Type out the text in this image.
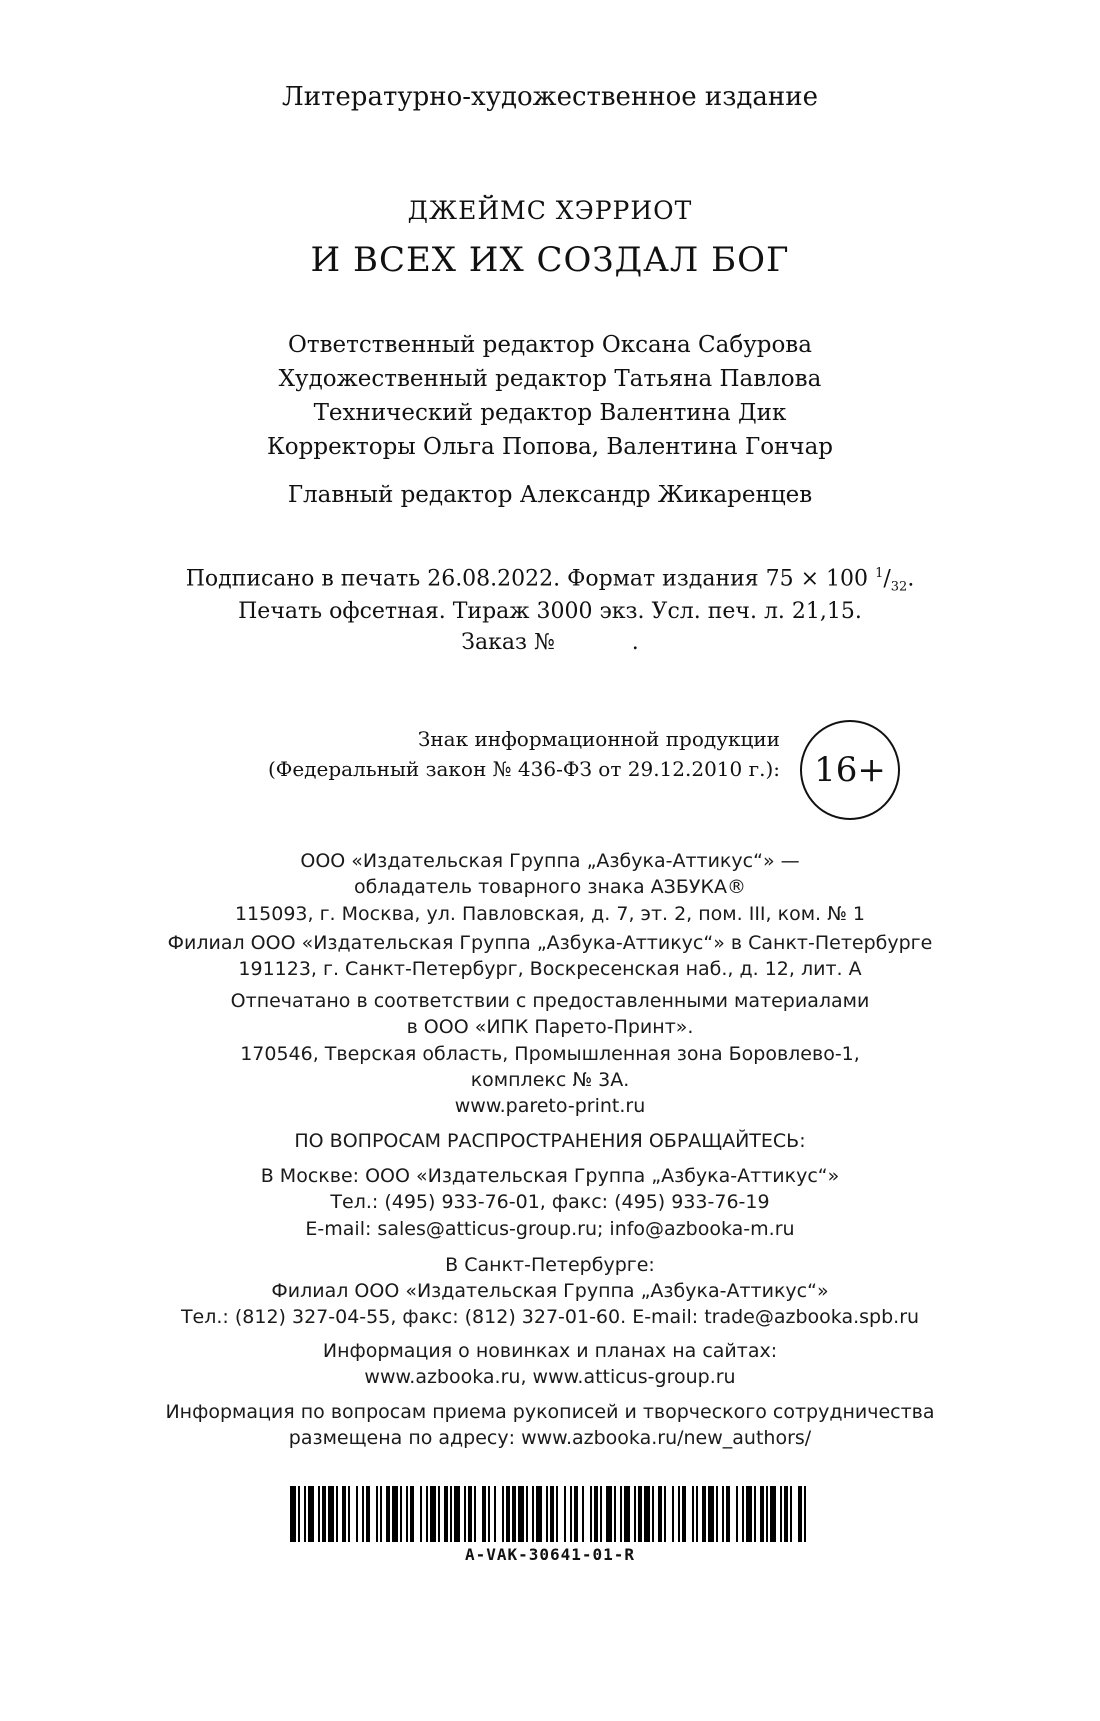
Литературно-художественное издание
ДЖЕЙМС ХЭРРИОТ
И ВСЕХ ИХ СОЗДАЛ БОГ
Ответственный редактор Оксана Сабурова
Художественный редактор Татьяна Павлова
Технический редактор Валентина Дик
Корректоры Ольга Попова, Валентина Гончар
Главный редактор Александр Жикаренцев
Подписано в печать 26.08.2022. Формат издания 75 × 100 $^1/_{32}$.
Печать офсетная. Тираж 3000 экз. Усл. печ. л. 21,15.
Заказ №           .
Знак информационной продукции
(Федеральный закон № 436-ФЗ от 29.12.2010 г.):	16+
ООО «Издательская Группа „Азбука-Аттикус“» —
обладатель товарного знака АЗБУКА®
115093, г. Москва, ул. Павловская, д. 7, эт. 2, пом. III, ком. № 1
Филиал ООО «Издательская Группа „Азбука-Аттикус“» в Санкт-Петербурге
191123, г. Санкт-Петербург, Воскресенская наб., д. 12, лит. А
Отпечатано в соответствии с предоставленными материалами
в ООО «ИПК Парето-Принт».
170546, Тверская область, Промышленная зона Боровлево-1,
комплекс № 3А.
www.pareto-print.ru
ПО ВОПРОСАМ РАСПРОСТРАНЕНИЯ ОБРАЩАЙТЕСЬ:
В Москве: ООО «Издательская Группа „Азбука-Аттикус“»
Тел.: (495) 933-76-01, факс: (495) 933-76-19
E-mail: sales@atticus-group.ru; info@azbooka-m.ru
В Санкт-Петербурге:
Филиал ООО «Издательская Группа „Азбука-Аттикус“»
Тел.: (812) 327-04-55, факс: (812) 327-01-60. E-mail: trade@azbooka.spb.ru
Информация о новинках и планах на сайтах:
www.azbooka.ru, www.atticus-group.ru
Информация по вопросам приема рукописей и творческого сотрудничества
размещена по адресу: www.azbooka.ru/new_authors/
A-VAK-30641-01-R
